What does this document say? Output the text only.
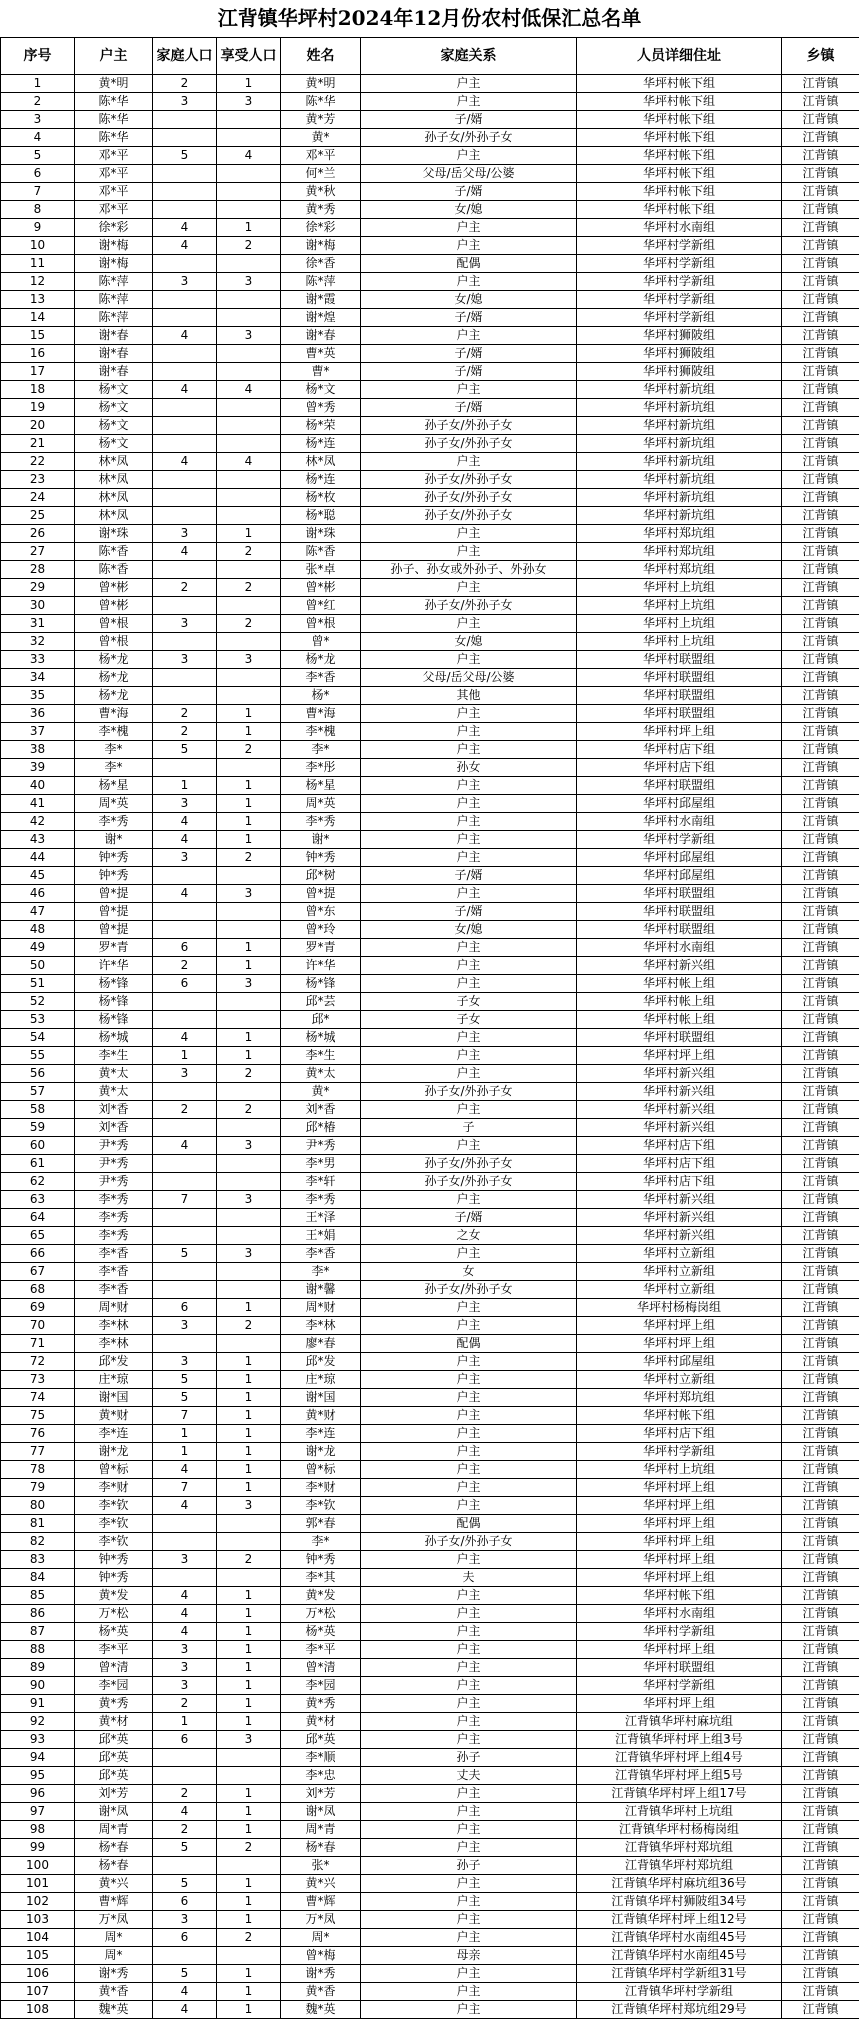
江背镇华坪村2024年12月份农村低保汇总名单
序号	户主	家庭人口	享受人口	姓名	家庭关系	人员详细住址	乡镇
1	黄*明	2	1	黄*明	户主	华坪村帐下组	江背镇
2	陈*华	3	3	陈*华	户主	华坪村帐下组	江背镇
3	陈*华			黄*芳	子/婿	华坪村帐下组	江背镇
4	陈*华			黄*	孙子女/外孙子女	华坪村帐下组	江背镇
5	邓*平	5	4	邓*平	户主	华坪村帐下组	江背镇
6	邓*平			何*兰	父母/岳父母/公婆	华坪村帐下组	江背镇
7	邓*平			黄*秋	子/婿	华坪村帐下组	江背镇
8	邓*平			黄*秀	女/媳	华坪村帐下组	江背镇
9	徐*彩	4	1	徐*彩	户主	华坪村水南组	江背镇
10	谢*梅	4	2	谢*梅	户主	华坪村学新组	江背镇
11	谢*梅			徐*香	配偶	华坪村学新组	江背镇
12	陈*萍	3	3	陈*萍	户主	华坪村学新组	江背镇
13	陈*萍			谢*霞	女/媳	华坪村学新组	江背镇
14	陈*萍			谢*煌	子/婿	华坪村学新组	江背镇
15	谢*春	4	3	谢*春	户主	华坪村狮陂组	江背镇
16	谢*春			曹*英	子/婿	华坪村狮陂组	江背镇
17	谢*春			曹*	子/婿	华坪村狮陂组	江背镇
18	杨*文	4	4	杨*文	户主	华坪村新坑组	江背镇
19	杨*文			曾*秀	子/婿	华坪村新坑组	江背镇
20	杨*文			杨*荣	孙子女/外孙子女	华坪村新坑组	江背镇
21	杨*文			杨*连	孙子女/外孙子女	华坪村新坑组	江背镇
22	林*凤	4	4	林*凤	户主	华坪村新坑组	江背镇
23	林*凤			杨*连	孙子女/外孙子女	华坪村新坑组	江背镇
24	林*凤			杨*枚	孙子女/外孙子女	华坪村新坑组	江背镇
25	林*凤			杨*聪	孙子女/外孙子女	华坪村新坑组	江背镇
26	谢*珠	3	1	谢*珠	户主	华坪村郑坑组	江背镇
27	陈*香	4	2	陈*香	户主	华坪村郑坑组	江背镇
28	陈*香			张*卓	孙子、孙女或外孙子、外孙女	华坪村郑坑组	江背镇
29	曾*彬	2	2	曾*彬	户主	华坪村上坑组	江背镇
30	曾*彬			曾*红	孙子女/外孙子女	华坪村上坑组	江背镇
31	曾*根	3	2	曾*根	户主	华坪村上坑组	江背镇
32	曾*根			曾*	女/媳	华坪村上坑组	江背镇
33	杨*龙	3	3	杨*龙	户主	华坪村联盟组	江背镇
34	杨*龙			李*香	父母/岳父母/公婆	华坪村联盟组	江背镇
35	杨*龙			杨*	其他	华坪村联盟组	江背镇
36	曹*海	2	1	曹*海	户主	华坪村联盟组	江背镇
37	李*槐	2	1	李*槐	户主	华坪村坪上组	江背镇
38	李*	5	2	李*	户主	华坪村店下组	江背镇
39	李*			李*彤	孙女	华坪村店下组	江背镇
40	杨*星	1	1	杨*星	户主	华坪村联盟组	江背镇
41	周*英	3	1	周*英	户主	华坪村邱屋组	江背镇
42	李*秀	4	1	李*秀	户主	华坪村水南组	江背镇
43	谢*	4	1	谢*	户主	华坪村学新组	江背镇
44	钟*秀	3	2	钟*秀	户主	华坪村邱屋组	江背镇
45	钟*秀			邱*树	子/婿	华坪村邱屋组	江背镇
46	曾*提	4	3	曾*提	户主	华坪村联盟组	江背镇
47	曾*提			曾*东	子/婿	华坪村联盟组	江背镇
48	曾*提			曾*玲	女/媳	华坪村联盟组	江背镇
49	罗*青	6	1	罗*青	户主	华坪村水南组	江背镇
50	许*华	2	1	许*华	户主	华坪村新兴组	江背镇
51	杨*锋	6	3	杨*锋	户主	华坪村帐上组	江背镇
52	杨*锋			邱*芸	子女	华坪村帐上组	江背镇
53	杨*锋			邱*	子女	华坪村帐上组	江背镇
54	杨*城	4	1	杨*城	户主	华坪村联盟组	江背镇
55	李*生	1	1	李*生	户主	华坪村坪上组	江背镇
56	黄*太	3	2	黄*太	户主	华坪村新兴组	江背镇
57	黄*太			黄*	孙子女/外孙子女	华坪村新兴组	江背镇
58	刘*香	2	2	刘*香	户主	华坪村新兴组	江背镇
59	刘*香			邱*椿	子	华坪村新兴组	江背镇
60	尹*秀	4	3	尹*秀	户主	华坪村店下组	江背镇
61	尹*秀			李*男	孙子女/外孙子女	华坪村店下组	江背镇
62	尹*秀			李*轩	孙子女/外孙子女	华坪村店下组	江背镇
63	李*秀	7	3	李*秀	户主	华坪村新兴组	江背镇
64	李*秀			王*泽	子/婿	华坪村新兴组	江背镇
65	李*秀			王*娟	之女	华坪村新兴组	江背镇
66	李*香	5	3	李*香	户主	华坪村立新组	江背镇
67	李*香			李*	女	华坪村立新组	江背镇
68	李*香			谢*馨	孙子女/外孙子女	华坪村立新组	江背镇
69	周*财	6	1	周*财	户主	华坪村杨梅岗组	江背镇
70	李*林	3	2	李*林	户主	华坪村坪上组	江背镇
71	李*林			廖*春	配偶	华坪村坪上组	江背镇
72	邱*发	3	1	邱*发	户主	华坪村邱屋组	江背镇
73	庄*琼	5	1	庄*琼	户主	华坪村立新组	江背镇
74	谢*国	5	1	谢*国	户主	华坪村郑坑组	江背镇
75	黄*财	7	1	黄*财	户主	华坪村帐下组	江背镇
76	李*连	1	1	李*连	户主	华坪村店下组	江背镇
77	谢*龙	1	1	谢*龙	户主	华坪村学新组	江背镇
78	曾*标	4	1	曾*标	户主	华坪村上坑组	江背镇
79	李*财	7	1	李*财	户主	华坪村坪上组	江背镇
80	李*钦	4	3	李*钦	户主	华坪村坪上组	江背镇
81	李*钦			郭*春	配偶	华坪村坪上组	江背镇
82	李*钦			李*	孙子女/外孙子女	华坪村坪上组	江背镇
83	钟*秀	3	2	钟*秀	户主	华坪村坪上组	江背镇
84	钟*秀			李*其	夫	华坪村坪上组	江背镇
85	黄*发	4	1	黄*发	户主	华坪村帐下组	江背镇
86	万*松	4	1	万*松	户主	华坪村水南组	江背镇
87	杨*英	4	1	杨*英	户主	华坪村学新组	江背镇
88	李*平	3	1	李*平	户主	华坪村坪上组	江背镇
89	曾*清	3	1	曾*清	户主	华坪村联盟组	江背镇
90	李*园	3	1	李*园	户主	华坪村学新组	江背镇
91	黄*秀	2	1	黄*秀	户主	华坪村坪上组	江背镇
92	黄*材	1	1	黄*材	户主	江背镇华坪村麻坑组	江背镇
93	邱*英	6	3	邱*英	户主	江背镇华坪村坪上组3号	江背镇
94	邱*英			李*顺	孙子	江背镇华坪村坪上组4号	江背镇
95	邱*英			李*忠	丈夫	江背镇华坪村坪上组5号	江背镇
96	刘*芳	2	1	刘*芳	户主	江背镇华坪村坪上组17号	江背镇
97	谢*凤	4	1	谢*凤	户主	江背镇华坪村上坑组	江背镇
98	周*青	2	1	周*青	户主	江背镇华坪村杨梅岗组	江背镇
99	杨*春	5	2	杨*春	户主	江背镇华坪村郑坑组	江背镇
100	杨*春			张*	孙子	江背镇华坪村郑坑组	江背镇
101	黄*兴	5	1	黄*兴	户主	江背镇华坪村麻坑组36号	江背镇
102	曹*辉	6	1	曹*辉	户主	江背镇华坪村狮陂组34号	江背镇
103	万*凤	3	1	万*凤	户主	江背镇华坪村坪上组12号	江背镇
104	周*	6	2	周*	户主	江背镇华坪村水南组45号	江背镇
105	周*			曾*梅	母亲	江背镇华坪村水南组45号	江背镇
106	谢*秀	5	1	谢*秀	户主	江背镇华坪村学新组31号	江背镇
107	黄*香	4	1	黄*香	户主	江背镇华坪村学新组	江背镇
108	魏*英	4	1	魏*英	户主	江背镇华坪村郑坑组29号	江背镇
